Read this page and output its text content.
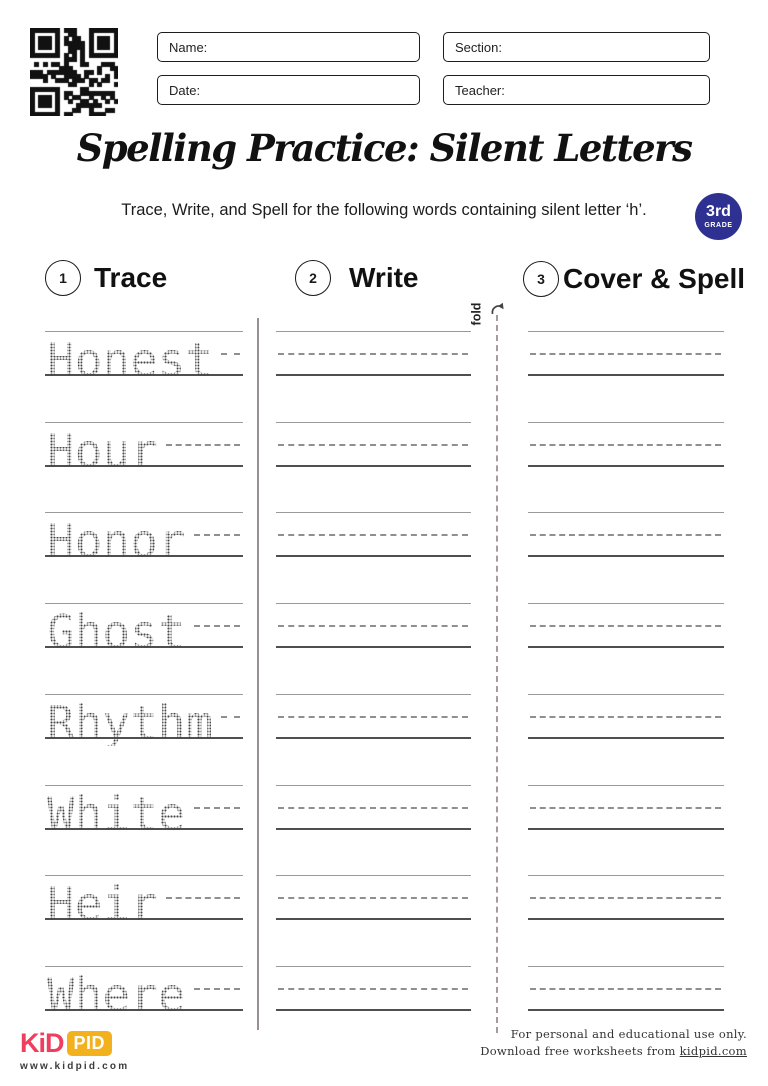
Name:	Section:
Date:	Teacher:
Spelling Practice: Silent Letters
Trace, Write, and Spell for the following words containing silent letter ‘h’.	3rd
GRADE
1 Trace	2	Write	3 Cover & Spell
fold
Honest
Hour
Honor
Ghost
Rhythm
White
Heir
Where
KiD PID
www.kidpid.com
For personal and educational use only.
Download free worksheets from kidpid.com
